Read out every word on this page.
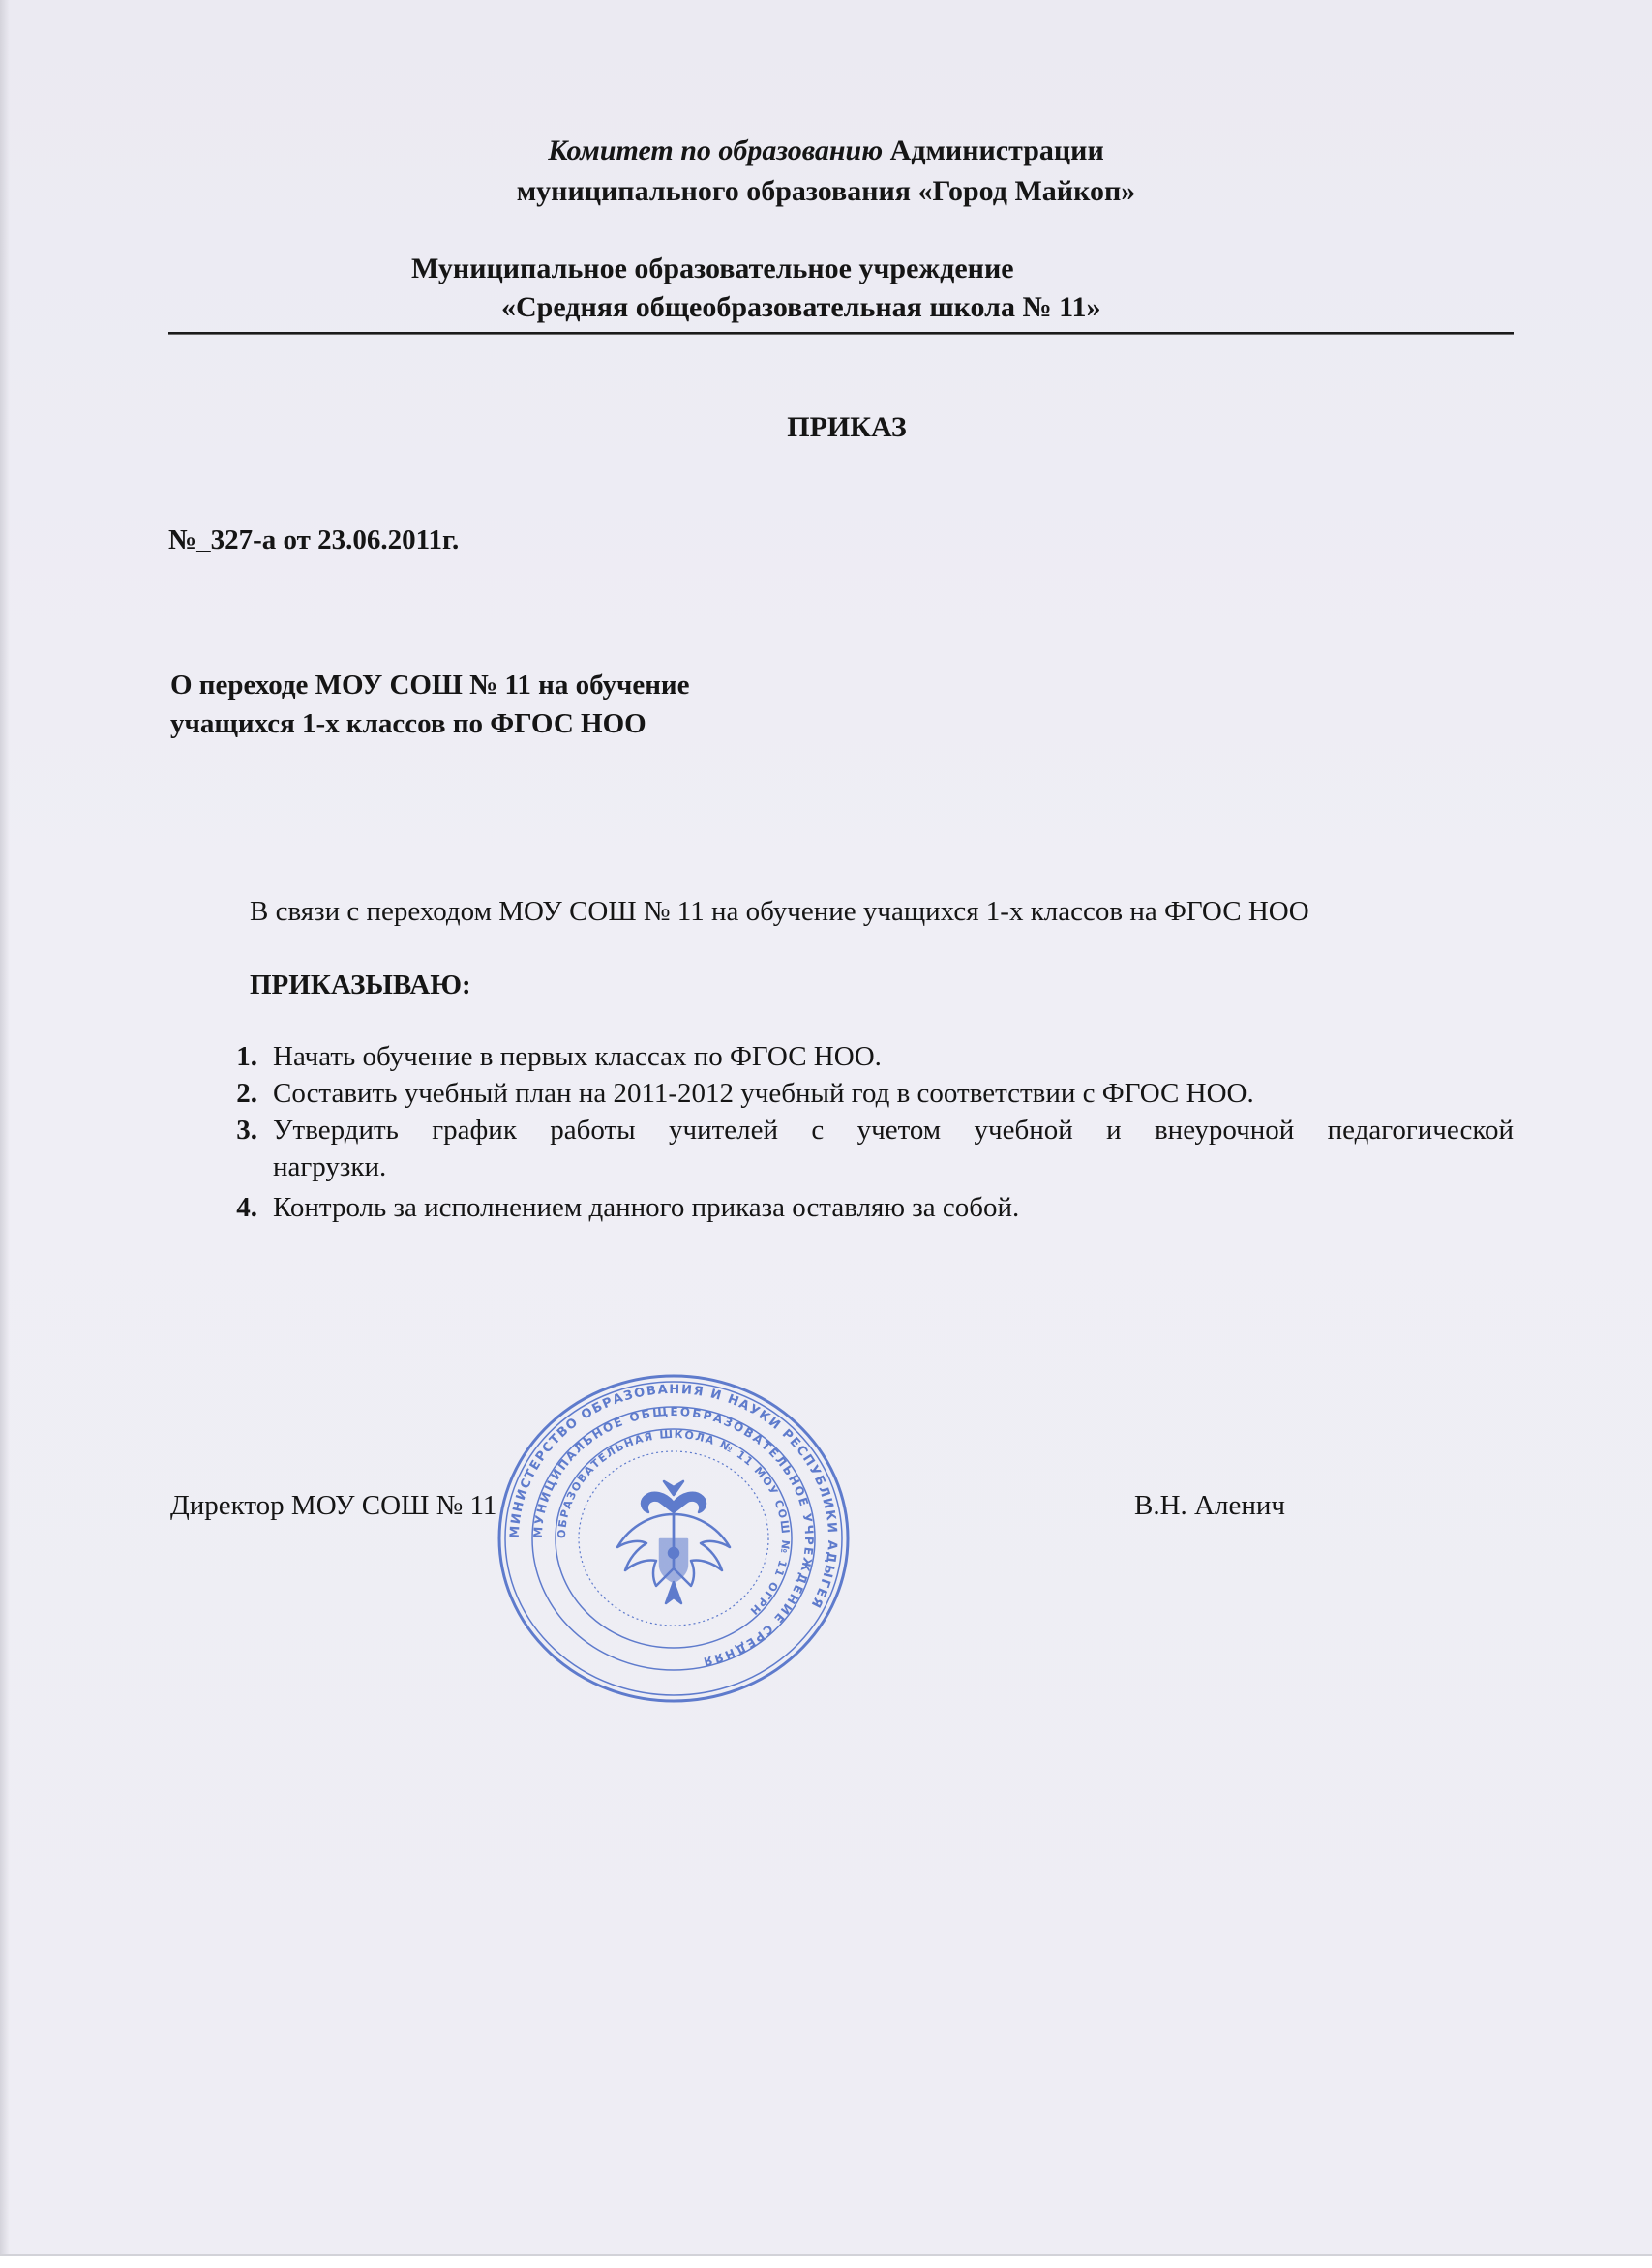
Комитет по образованию Администрации
муниципального образования «Город Майкоп»
Муниципальное образовательное учреждение
«Средняя общеобразовательная школа № 11»
ПРИКАЗ
№_327-а от 23.06.2011г.
О переходе МОУ СОШ № 11 на обучение
учащихся 1-х классов по ФГОС НОО
В связи с переходом МОУ СОШ № 11 на обучение учащихся 1-х классов на ФГОС НОО
ПРИКАЗЫВАЮ:
1. Начать обучение в первых классах по ФГОС НОО.
2. Составить учебный план на 2011-2012 учебный год в соответствии с ФГОС НОО.
3. Утвердить график работы учителей с учетом учебной и внеурочной педагогической
нагрузки.
4. Контроль за исполнением данного приказа оставляю за собой.
Директор МОУ СОШ № 11	В.Н. Аленич
МИНИСТЕРСТВО ОБРАЗОВАНИЯ И НАУКИ РЕСПУБЛИКИ АДЫГЕЯ
МУНИЦИПАЛЬНОЕ ОБЩЕОБРАЗОВАТЕЛЬНОЕ УЧРЕЖДЕНИЕ СРЕДНЯЯ
ОБРАЗОВАТЕЛЬНАЯ ШКОЛА № 11 МОУ СОШ № 11 ОГРН
